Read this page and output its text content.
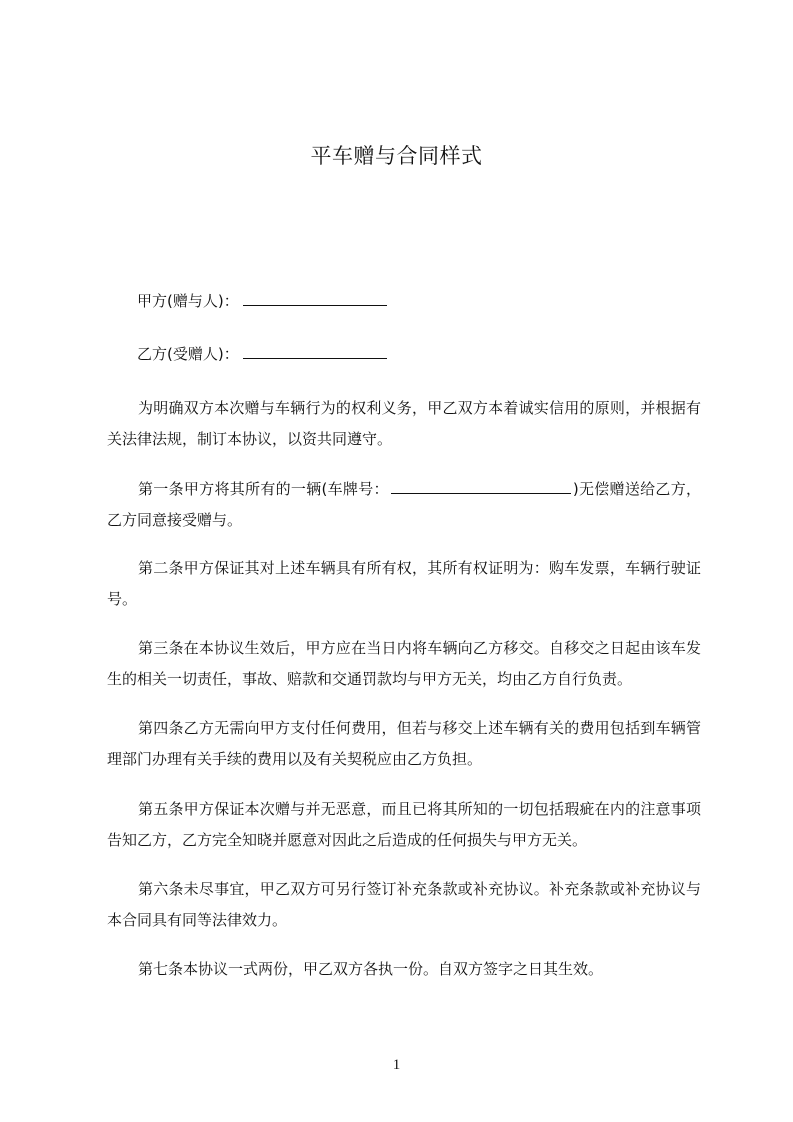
平车赠与合同样式
甲方(赠与人)：
乙方(受赠人)：
为明确双方本次赠与车辆行为的权利义务，甲乙双方本着诚实信用的原则，并根据有关法律法规，制订本协议，以资共同遵守。
第一条甲方将其所有的一辆(车牌号：	)无偿赠送给乙方，乙方同意接受赠与。
第二条甲方保证其对上述车辆具有所有权，其所有权证明为：购车发票，车辆行驶证号。
第三条在本协议生效后，甲方应在当日内将车辆向乙方移交。自移交之日起由该车发生的相关一切责任，事故、赔款和交通罚款均与甲方无关，均由乙方自行负责。
第四条乙方无需向甲方支付任何费用，但若与移交上述车辆有关的费用包括到车辆管理部门办理有关手续的费用以及有关契税应由乙方负担。
第五条甲方保证本次赠与并无恶意，而且已将其所知的一切包括瑕疵在内的注意事项告知乙方，乙方完全知晓并愿意对因此之后造成的任何损失与甲方无关。
第六条未尽事宜，甲乙双方可另行签订补充条款或补充协议。补充条款或补充协议与本合同具有同等法律效力。
第七条本协议一式两份，甲乙双方各执一份。自双方签字之日其生效。
1
